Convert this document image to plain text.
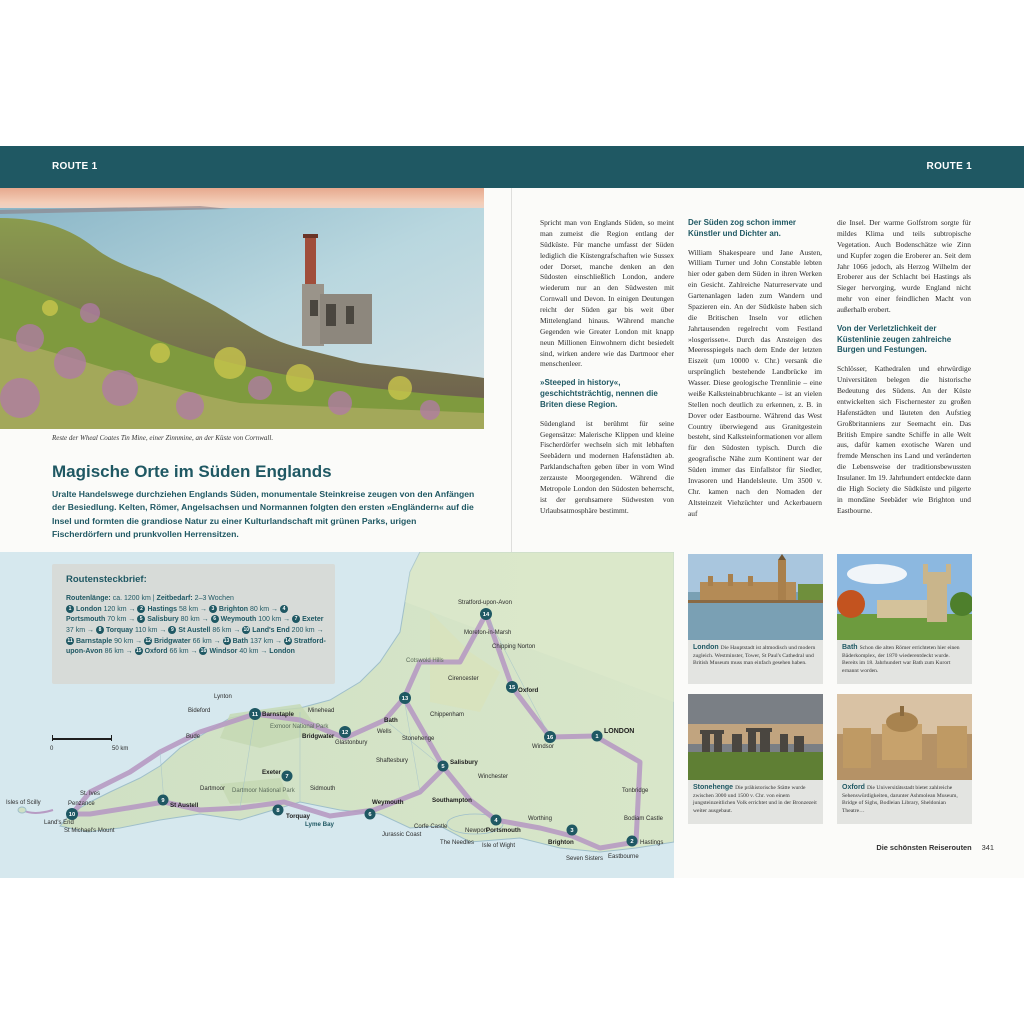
ROUTE 1	ROUTE 1
Reste der Wheal Coates Tin Mine, einer Zinnmine, an der Küste von Cornwall.
Magische Orte im Süden Englands
Uralte Handelswege durchziehen Englands Süden, monumentale Steinkreise zeugen von den Anfängen der Besiedlung. Kelten, Römer, Angelsachsen und Normannen folgten den ersten »Engländern« auf die Insel und formten die grandiose Natur zu einer Kulturlandschaft mit grünen Parks, urigen Fischerdörfern und prunkvollen Herrensitzen.
1
2
3
4
5
6
7
8
9
10
11
12
13
14
15
16
0	50 km
LONDON
Oxford
Windsor
Stratford-upon-Avon
Bath
Bridgwater
Barnstaple
Exeter
Torquay
St Austell
Land's End
Penzance
St. Ives
Weymouth
Salisbury
Southampton
Portsmouth
Brighton
Eastbourne
Hastings
Isles of Scilly
Winchester
Cirencester
Chippenham
Tonbridge
Stonehenge
Glastonbury
Wells
Lyme Bay
Isle of Wight
Seven Sisters
Dartmoor
Bideford	Minehead
Newport
Shaftesbury
Worthing
Sidmouth
Chipping Norton
Moreton-in-Marsh
Lynton
Bude
St Michael's Mount
Dartmoor National Park
Exmoor National Park
Cotswold Hills
Bodiam Castle
Corfe Castle
Jurassic Coast
The Needles
Routensteckbrief:
Routenlänge: ca. 1200 km | Zeitbedarf: 2–3 Wochen
1 London 120 km → 2 Hastings 58 km → 3 Brighton 80 km → 4Portsmouth 70 km → 5 Salisbury 80 km → 6 Weymouth 100 km → 7 Exeter 37 km → 8 Torquay 110 km → 9 St Austell 86 km → 10 Land's End 200 km → 11 Barnstaple 90 km → 12 Bridgwater 66 km → 13 Bath 137 km → 14 Stratford-upon-Avon 86 km → 15 Oxford 66 km → 16 Windsor 40 km → London

Spricht man von Englands Süden, so meint man zumeist die Region entlang der Südküste. Für manche umfasst der Süden lediglich die Küstengrafschaften wie Sussex oder Dorset, manche denken an den Südosten einschließlich London, andere wiederum nur an den Südwesten mit Cornwall und Devon. In einigen Deutungen reicht der Süden gar bis weit über Mittelengland hinaus. Während manche Gegenden wie Greater London mit knapp neun Millionen Einwohnern dicht besiedelt sind, wirken andere wie das Dartmoor eher menschenleer.

»Steeped in history«, geschichtsträchtig, nennen die Briten diese Region.

Südengland ist berühmt für seine Gegensätze: Malerische Klippen und kleine Fischerdörfer wechseln sich mit lebhaften Seebädern und modernen Hafenstädten ab. Parklandschaften geben über in vom Wind zerzauste Moorgegenden. Während die Metropole London den Südosten beherrscht, ist der geruhsamere Südwesten von Urlaubsatmosphäre bestimmt.

Der Süden zog schon immer Künstler und Dichter an.

William Shakespeare und Jane Austen, William Turner und John Constable lebten hier oder gaben dem Süden in ihren Werken ein Gesicht. Zahlreiche Naturreservate und Gartenanlagen laden zum Wandern und Spazieren ein. An der Südküste haben sich die Britischen Inseln vor etlichen Jahrtausenden regelrecht vom Festland »losgerissen«. Durch das Ansteigen des Meeresspiegels nach dem Ende der letzten Eiszeit (um 10000 v. Chr.) versank die ursprünglich bestehende Landbrücke im Wasser. Diese geologische Trennlinie – eine weiße Kalksteinabbruchkante – ist an vielen Stellen noch deutlich zu erkennen, z. B. in Dover oder Eastbourne. Während das West Country überwiegend aus Granitgestein besteht, sind Kalksteinformationen vor allem für den Südosten typisch. Durch die geografische Nähe zum Kontinent war der Süden immer das Einfallstor für Siedler, Invasoren und Handelsleute. Um 3500 v. Chr. kamen nach den Nomaden der Altsteinzeit Viehzüchter und Ackerbauern auf

die Insel. Der warme Golfstrom sorgte für mildes Klima und teils subtropische Vegetation. Auch Bodenschätze wie Zinn und Kupfer zogen die Eroberer an. Seit dem Jahr 1066 jedoch, als Herzog Wilhelm der Eroberer aus der Schlacht bei Hastings als Sieger hervorging, wurde England nicht mehr von einer feindlichen Macht von außerhalb erobert.

Von der Verletzlichkeit der Küstenlinie zeugen zahlreiche Burgen und Festungen.

Schlösser, Kathedralen und ehrwürdige Universitäten belegen die historische Bedeutung des Südens. An der Küste entwickelten sich Fischernester zu großen Hafenstädten und läuteten den Aufstieg Großbritanniens zur Seemacht ein. Das British Empire sandte Schiffe in alle Welt aus, dafür kamen exotische Waren und fremde Menschen ins Land und veränderten die Lebensweise der traditionsbewussten Insulaner. Im 19. Jahrhundert entdeckte dann die High Society die Südküste und pilgerte in mondäne Seebäder wie Brighton und Eastbourne.

London Die Hauptstadt ist altmodisch und modern zugleich. Westminster, Tower, St Paul's Cathedral und British Museum muss man einfach gesehen haben.
Bath Schon die alten Römer errichteten hier einen Bäderkomplex, der 1870 wiederentdeckt wurde. Bereits im 18. Jahrhundert war Bath zum Kurort ernannt worden.
Stonehenge Die prähistorische Stätte wurde zwischen 3000 und 1500 v. Chr. von einem jungsteinzeitlichen Volk errichtet und in der Bronzezeit weiter ausgebaut.
Oxford Die Universitätsstadt bietet zahlreiche Sehenswürdigkeiten, darunter Ashmolean Museum, Bridge of Sighs, Bodleian Library, Sheldonian Theatre…
Die schönsten Reiserouten 341
